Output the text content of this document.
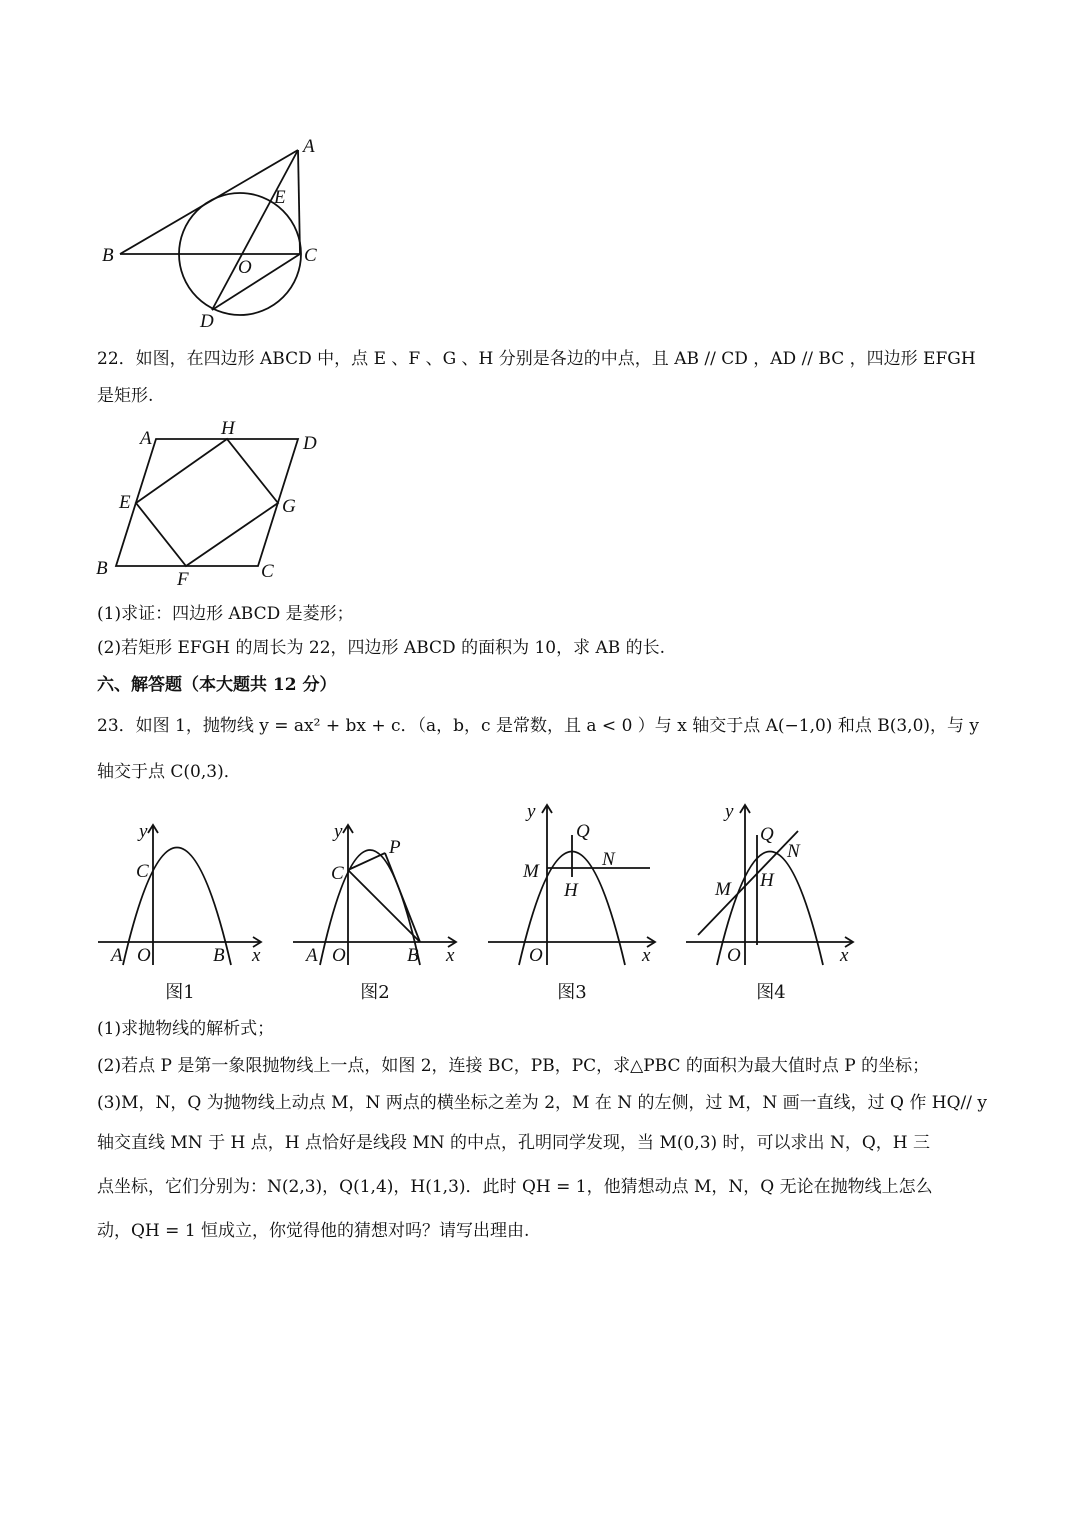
A
E
B
O
C
D
22．如图，在四边形 ABCD 中，点 E 、F 、G 、H 分别是各边的中点，且 AB // CD ，AD // BC ，四边形 EFGH
是矩形.
A	H
D
E	G
B
F	C
(1)求证：四边形 ABCD 是菱形；
(2)若矩形 EFGH 的周长为 22，四边形 ABCD 的面积为 10，求 AB 的长.
六、解答题（本大题共 12 分）
23．如图 1，抛物线 y = ax² + bx + c．（a，b，c 是常数，且 a < 0 ）与 x 轴交于点 A(−1,0) 和点 B(3,0)，与 y
轴交于点 C(0,3)．
y
C
A O	B x
y
P
C
A O	B x
y
Q
M
N
H
O	x
y
Q
N
M H
O	x
图1	图2	图3	图4
(1)求抛物线的解析式；
(2)若点 P 是第一象限抛物线上一点，如图 2，连接 BC，PB，PC，求△PBC 的面积为最大值时点 P 的坐标；
(3)M，N，Q 为抛物线上动点 M，N 两点的横坐标之差为 2，M 在 N 的左侧，过 M，N 画一直线，过 Q 作 HQ// y
轴交直线 MN 于 H 点，H 点恰好是线段 MN 的中点，孔明同学发现，当 M(0,3) 时，可以求出 N，Q，H 三
点坐标，它们分别为：N(2,3)，Q(1,4)，H(1,3)．此时 QH = 1，他猜想动点 M，N，Q 无论在抛物线上怎么
动，QH = 1 恒成立，你觉得他的猜想对吗？请写出理由.
